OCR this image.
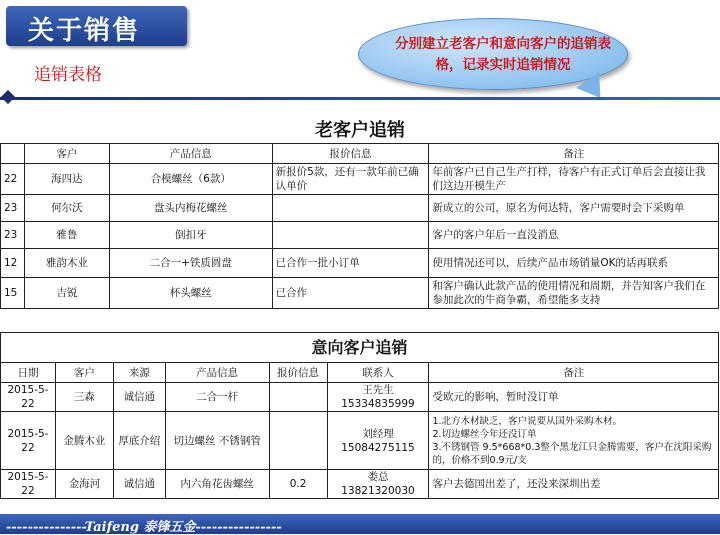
关于销售
追销表格
分别建立老客户和意向客户的追销表格，记录实时追销情况
老客户追销
	客户	产品信息	报价信息	备注
22	海四达	合模螺丝（6款）	新报价5款，还有一款年前已确认单价	年前客户已自己生产打样，待客户有正式订单后会直接让我们这边开模生产
23	何尔沃	盘头内梅花螺丝		新成立的公司，原名为何达特，客户需要时会下采购单
23	雅鲁	倒扣牙		客户的客户年后一直没消息
12	雅韵木业	二合一+铁质圆盘	已合作一批小订单	使用情况还可以，后续产品市场销量OK的话再联系
15	吉锐	杯头螺丝	已合作	和客户确认此款产品的使用情况和周期，并告知客户我们在参加此次的牛商争霸，希望能多支持
意向客户追销						
日期	客户	来源	产品信息	报价信息	联系人	备注
2015-5-22	三森	诚信通	二合一杆		王先生 15334835999	受欧元的影响，暂时没订单
2015-5-22	金腾木业	厚底介绍	切边螺丝 不锈钢管		刘经理15084275115	1.北方木材缺乏，客户说要从国外采购木材。
2.切边螺丝今年还没订单
3.不锈钢管 9.5*668*0.3整个黑龙江只金腾需要，客户在沈阳采购的，价格不到0.9元/支
2015-5-22	金海河	诚信通	内六角花齿螺丝	0.2	娄总 13821320030	客户去德国出差了，还没来深圳出差
---------------Taifeng 泰锋五金----------------
